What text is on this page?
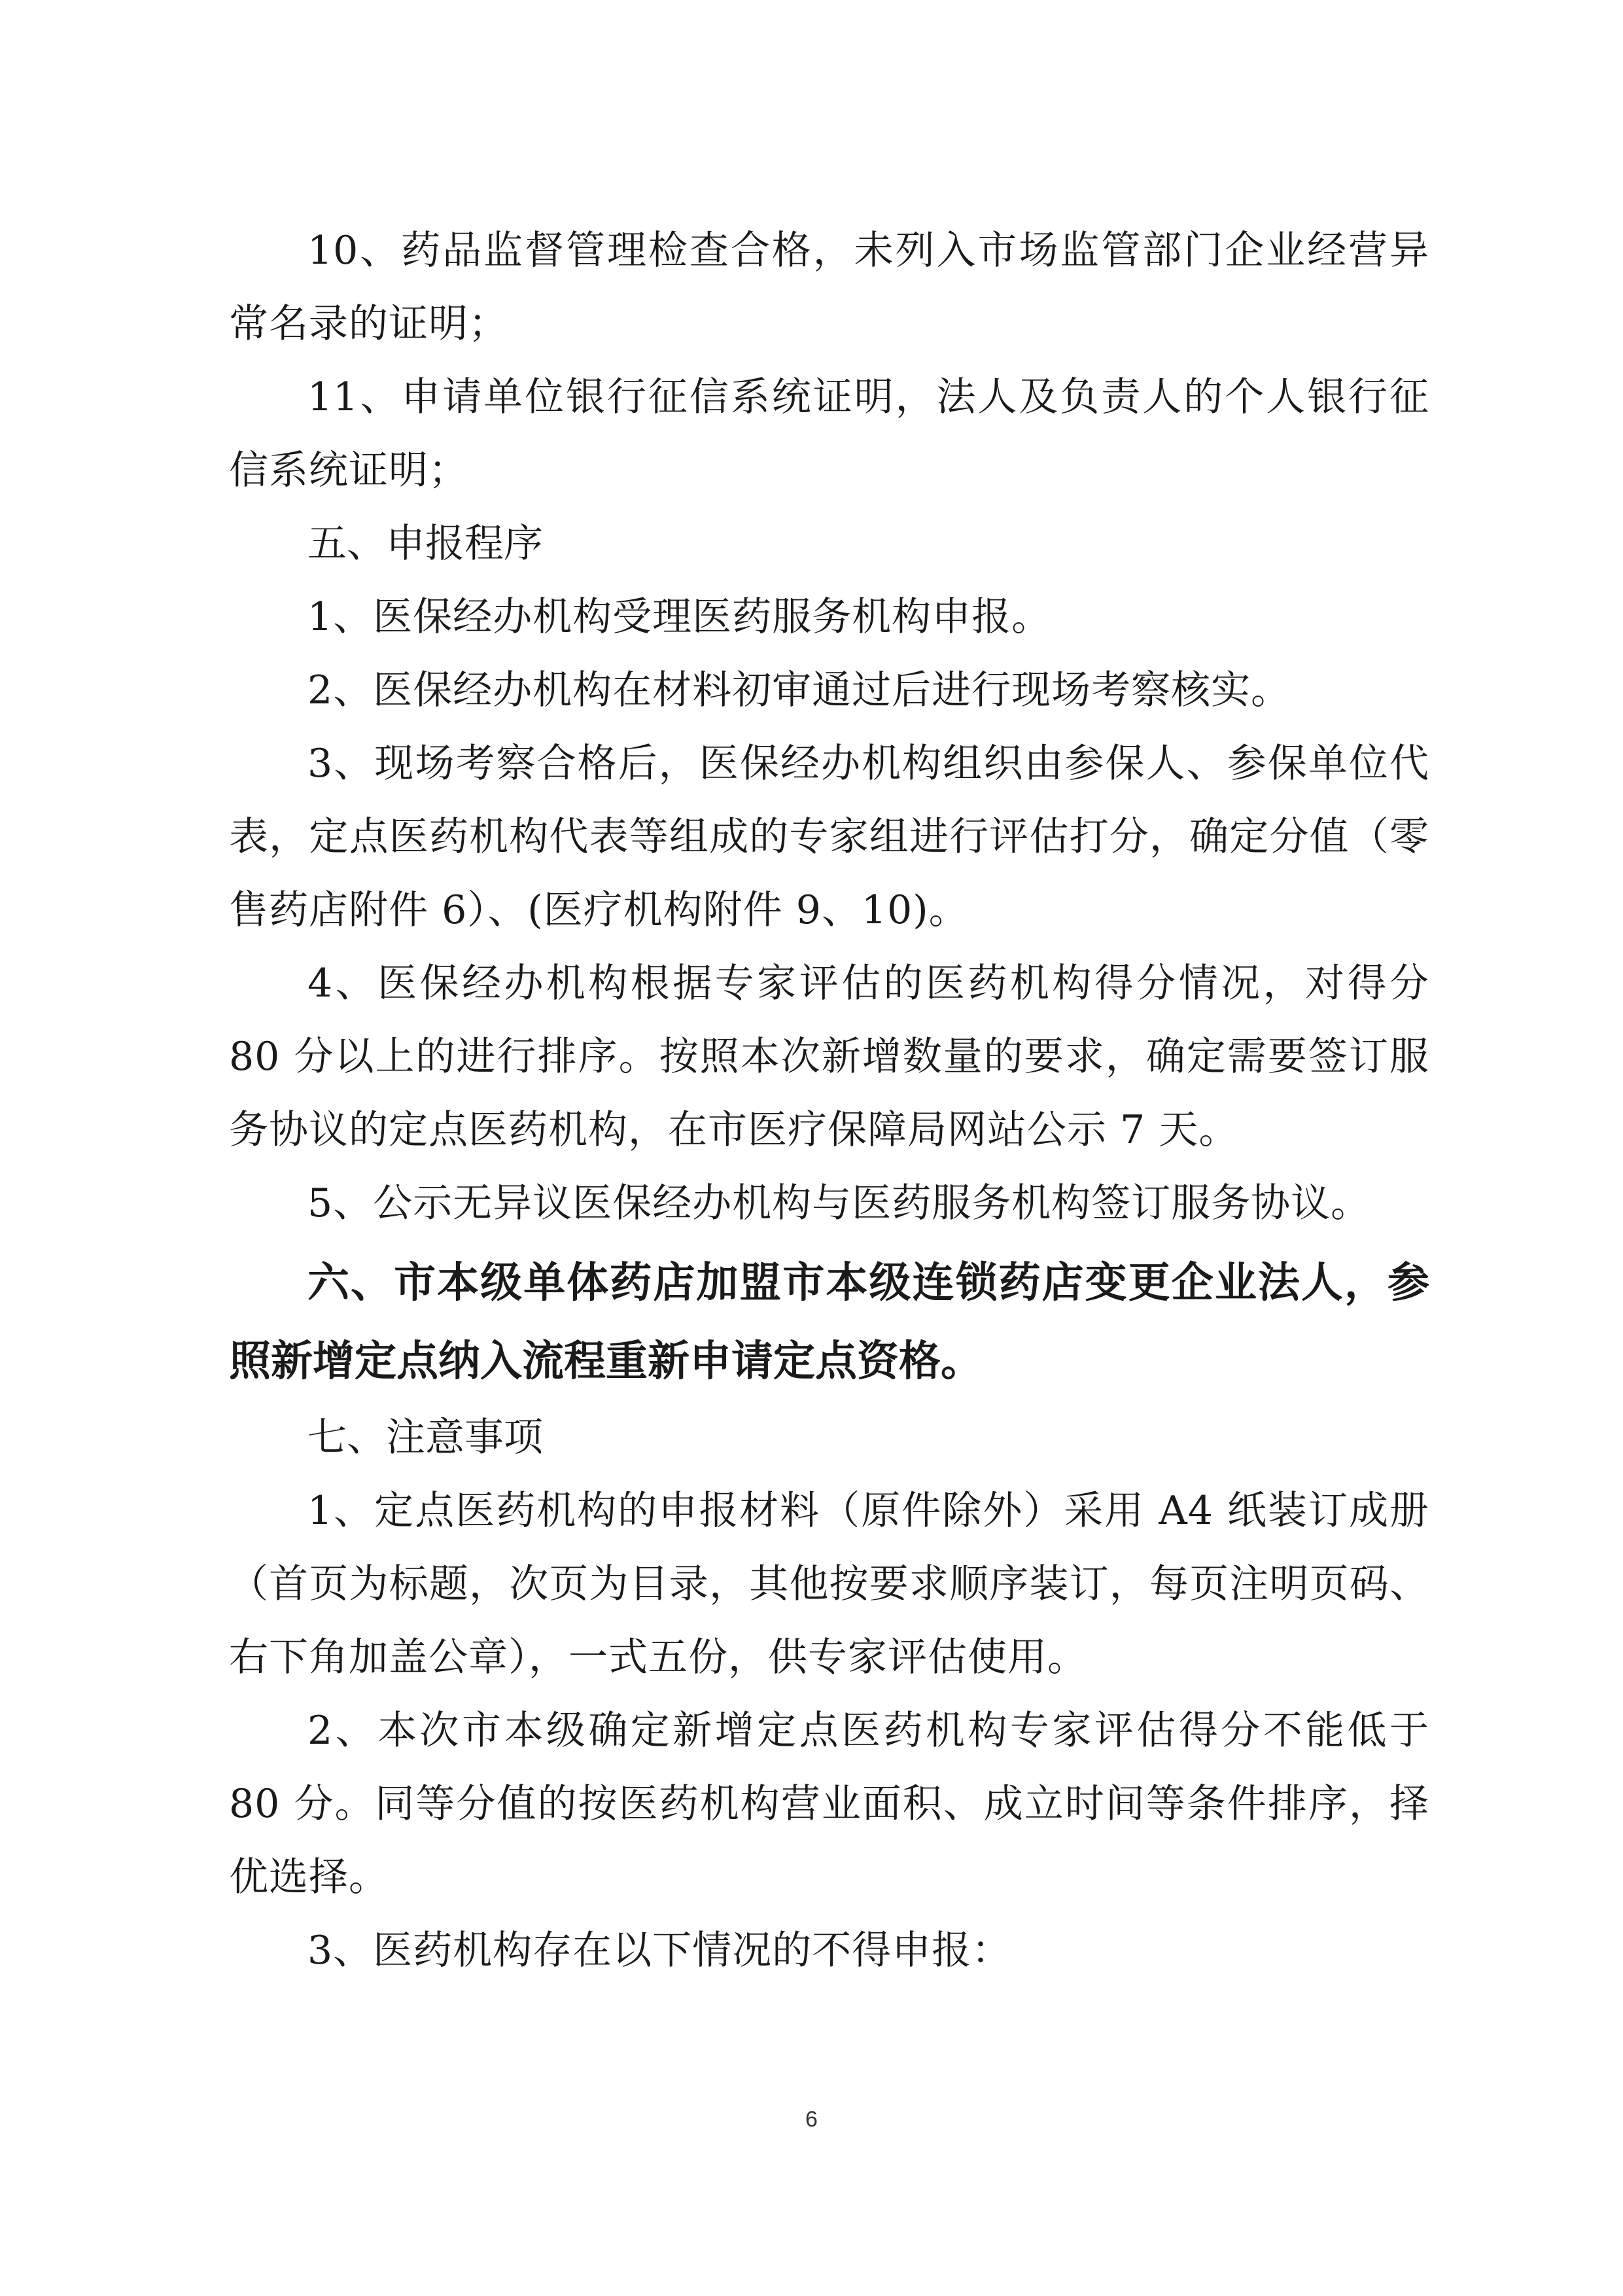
10、药品监督管理检查合格，未列入市场监管部门企业经营异常名录的证明；

11、申请单位银行征信系统证明，法人及负责人的个人银行征信系统证明；

五、申报程序

1、医保经办机构受理医药服务机构申报。

2、医保经办机构在材料初审通过后进行现场考察核实。

3、现场考察合格后，医保经办机构组织由参保人、参保单位代表，定点医药机构代表等组成的专家组进行评估打分，确定分值（零售药店附件 6）、(医疗机构附件 9、10)。

4、医保经办机构根据专家评估的医药机构得分情况，对得分 80 分以上的进行排序。按照本次新增数量的要求，确定需要签订服务协议的定点医药机构，在市医疗保障局网站公示 7 天。

5、公示无异议医保经办机构与医药服务机构签订服务协议。

六、市本级单体药店加盟市本级连锁药店变更企业法人，参照新增定点纳入流程重新申请定点资格。

七、注意事项

1、定点医药机构的申报材料（原件除外）采用 A4 纸装订成册（首页为标题，次页为目录，其他按要求顺序装订，每页注明页码、右下角加盖公章），一式五份，供专家评估使用。

2、本次市本级确定新增定点医药机构专家评估得分不能低于 80 分。同等分值的按医药机构营业面积、成立时间等条件排序，择优选择。

3、医药机构存在以下情况的不得申报：

6
